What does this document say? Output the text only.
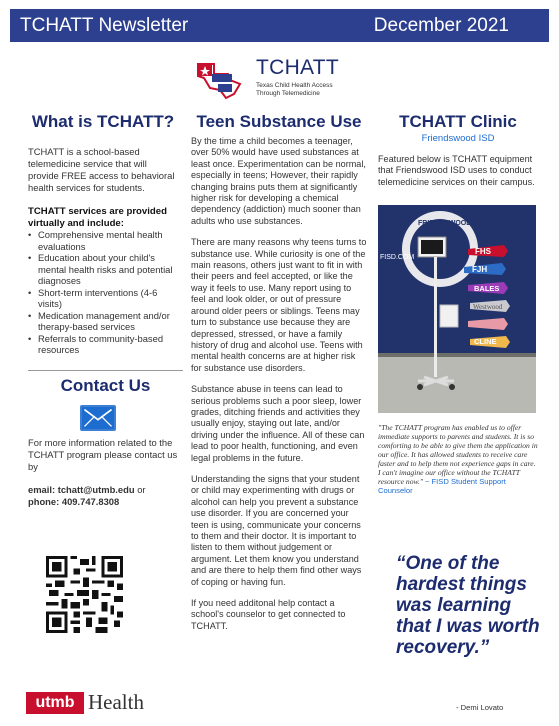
TCHATT Newsletter	December 2021
TCHATT
Texas Child Health Access
Through Telemedicine
What is TCHATT?

TCHATT is a school-based telemedicine service that will provide FREE access to behavioral health services for students.

TCHATT services are provided virtually and include:

• Comprehensive mental health evaluations
• Education about your child's mental health risks and potential diagnoses
• Short-term interventions (4-6 visits)
• Medication management and/or therapy-based services
• Referrals to community-based resources
Contact Us

For more information related to the TCHATT program please contact us by

email: tchatt@utmb.edu or
phone: 409.747.8308
utmb Health
Teen Substance Use

By the time a child becomes a teenager, over 50% would have used substances at least once. Experimentation can be normal, especially in teens; However, their rapidly changing brains puts them at significantly higher risk for developing a chemical dependency (addiction) much sooner than adults who use substances.

There are many reasons why teens turns to substance use. While curiosity is one of the main reasons, others just want to fit in with their peers and feel accepted, or like the way it feels to use. Many report using to feel and look older, or out of pressure around older peers or siblings. Teens may turn to substance use because they are depressed, stressed, or have a family history of drug and alcohol use. Teens with mental health concerns are at higher risk for substance use disorders.

Substance abuse in teens can lead to serious problems such a poor sleep, lower grades, ditching friends and activities they usually enjoy, staying out late, and/or driving under the influence. All of these can lead to poor health, functioning, and even legal problems in the future.

Understanding the signs that your student or child may experimenting with drugs or alcohol can help you prevent a substance use disorder. If you are concerned your teen is using, communicate your concerns to them and their doctor. It is important to listen to them without judgement or argument. Let them know you understand and are there to help them find other ways of coping or having fun.

If you need additonal help contact a school's counselor to get connected to TCHATT.

TCHATT Clinic
Friendswood ISD

Featured below is TCHATT equipment that Friendswood ISD uses to conduct telemedicine services on their campus.

FRIENDSWOOD ISD
FISD.COM
FHS
FJH
BALES
Westwood
CLINE

"The TCHATT program has enabled us to offer immediate supports to parents and students. It is so comforting to be able to give them the application in our office. It has allowed students to receive care faster and to help them not experience gaps in care. I can't imagine our office without the TCHATT resource now." ~ FISD Student Support Counselor

“One of the hardest things was learning that I was worth recovery.”
- Demi Lovato
